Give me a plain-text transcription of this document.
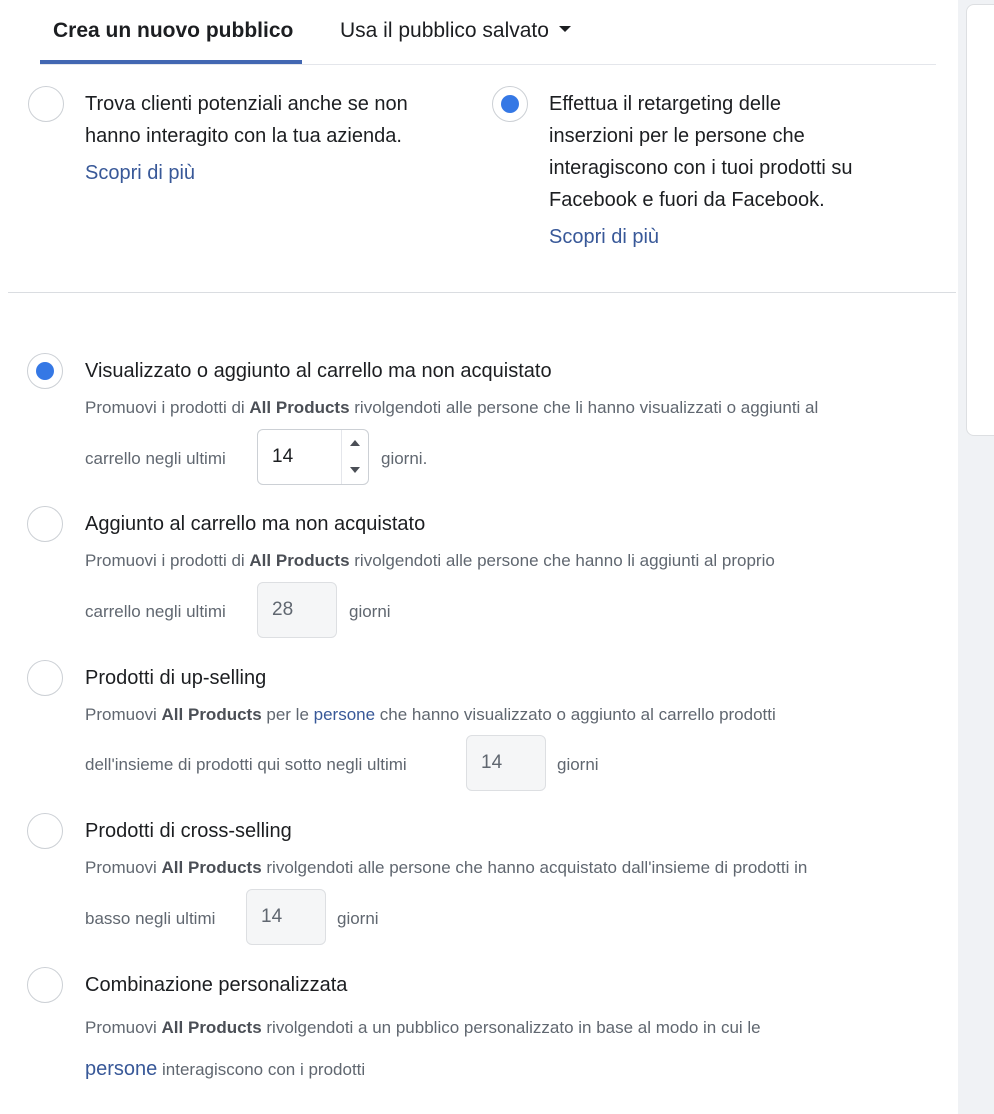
Crea un nuovo pubblico Usa il pubblico salvato
Trova clienti potenziali anche se non
hanno interagito con la tua azienda.
Scopri di più
Effettua il retargeting delle
inserzioni per le persone che
interagiscono con i tuoi prodotti su
Facebook e fuori da Facebook.
Scopri di più
Visualizzato o aggiunto al carrello ma non acquistato
Promuovi i prodotti di All Products rivolgendoti alle persone che li hanno visualizzati o aggiunti al
carrello negli ultimi	14	giorni.
Aggiunto al carrello ma non acquistato
Promuovi i prodotti di All Products rivolgendoti alle persone che hanno li aggiunti al proprio
carrello negli ultimi	28	giorni
Prodotti di up-selling
Promuovi All Products per le persone che hanno visualizzato o aggiunto al carrello prodotti
dell'insieme di prodotti qui sotto negli ultimi	14	giorni
Prodotti di cross-selling
Promuovi All Products rivolgendoti alle persone che hanno acquistato dall'insieme di prodotti in
basso negli ultimi	14	giorni
Combinazione personalizzata
Promuovi All Products rivolgendoti a un pubblico personalizzato in base al modo in cui le
persone interagiscono con i prodotti
